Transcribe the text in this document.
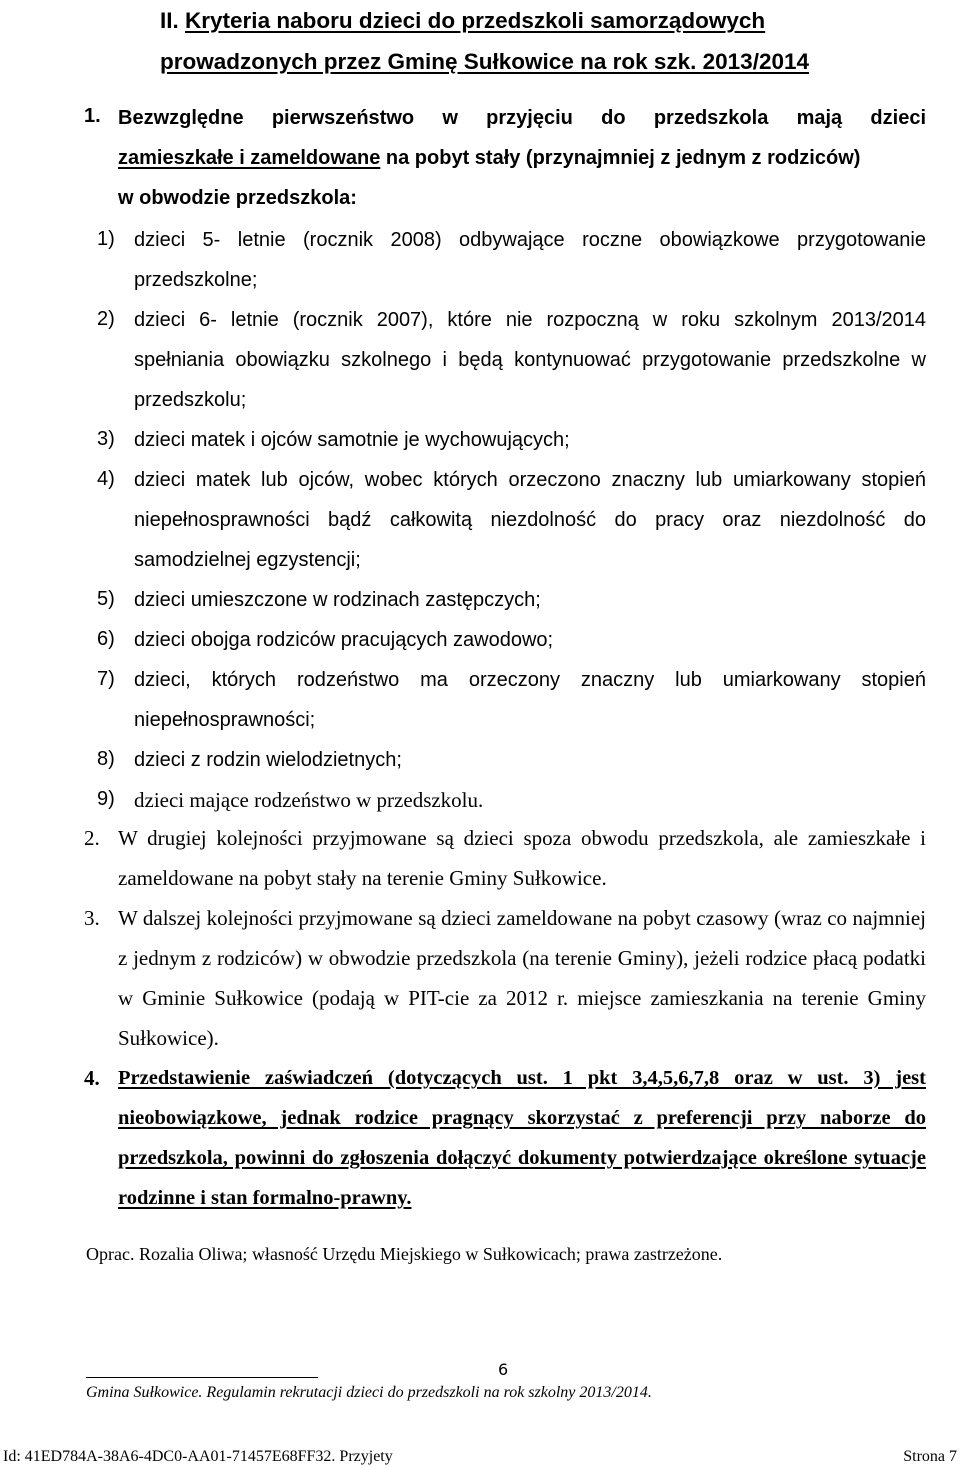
II. Kryteria naboru dzieci do przedszkoli samorządowych
prowadzonych przez Gminę Sułkowice na rok szk. 2013/2014
1. Bezwzględne pierwszeństwo w przyjęciu do przedszkola mają dzieci
zamieszkałe i zameldowane na pobyt stały (przynajmniej z jednym z rodziców)
w obwodzie przedszkola:
1) dzieci 5- letnie (rocznik 2008) odbywające roczne obowiązkowe przygotowanie przedszkolne;
2) dzieci 6- letnie (rocznik 2007), które nie rozpoczną w roku szkolnym 2013/2014 spełniania obowiązku szkolnego i będą kontynuować przygotowanie przedszkolne w przedszkolu;
3) dzieci matek i ojców samotnie je wychowujących;
4) dzieci matek lub ojców, wobec których orzeczono znaczny lub umiarkowany stopień niepełnosprawności bądź całkowitą niezdolność do pracy oraz niezdolność do samodzielnej egzystencji;
5) dzieci umieszczone w rodzinach zastępczych;
6) dzieci obojga rodziców pracujących zawodowo;
7) dzieci, których rodzeństwo ma orzeczony znaczny lub umiarkowany stopień niepełnosprawności;
8) dzieci z rodzin wielodzietnych;
9) dzieci mające rodzeństwo w przedszkolu.
2. W drugiej kolejności przyjmowane są dzieci spoza obwodu przedszkola, ale zamieszkałe i zameldowane na pobyt stały na terenie Gminy Sułkowice.
3. W dalszej kolejności przyjmowane są dzieci zameldowane na pobyt czasowy (wraz co najmniej z jednym z rodziców) w obwodzie przedszkola (na terenie Gminy), jeżeli rodzice płacą podatki w Gminie Sułkowice (podają w PIT-cie za 2012 r. miejsce zamieszkania na terenie Gminy Sułkowice).
4. Przedstawienie zaświadczeń (dotyczących ust. 1 pkt 3,4,5,6,7,8 oraz w ust. 3) jest nieobowiązkowe, jednak rodzice pragnący skorzystać z preferencji przy naborze do przedszkola, powinni do zgłoszenia dołączyć dokumenty potwierdzające określone sytuacje rodzinne i stan formalno-prawny.
Oprac. Rozalia Oliwa; własność Urzędu Miejskiego w Sułkowicach; prawa zastrzeżone.
6
Gmina Sułkowice. Regulamin rekrutacji dzieci do przedszkoli na rok szkolny 2013/2014.
Id: 41ED784A-38A6-4DC0-AA01-71457E68FF32. Przyjety	Strona 7
